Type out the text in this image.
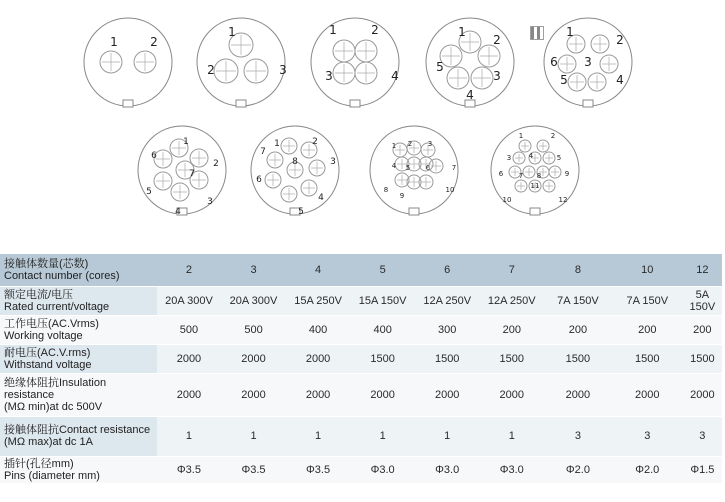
1	2
1
2	3
1	2
3	4
1
2
3
4
5
1
2
3
4
5
6
1
2
3
4
5
6
7
1	2
3
4
5
6
7
8
1 2 3
4 5 6	7
8
9
10
1	2
3	4	5
6 7 8	9
10
11
12
接触体数量(芯数)
Contact number (cores)	2	3	4	5	6	7	8	10	12

额定电流/电压
Rated current/voltage	20A 300V	20A 300V	15A 250V	15A 150V	12A 250V	12A 250V	7A 150V	7A 150V	5A 150V

工作电压(AC.Vrms)
Working voltage	500	500	400	400	300	200	200	200	200

耐电压(AC.V.rms)
Withstand voltage	2000	2000	2000	1500	1500	1500	1500	1500	1500

绝缘体阻抗Insulation resistance
(MΩ min)at dc 500V	2000	2000	2000	2000	2000	2000	2000	2000	2000

接触体阻抗Contact resistance
(MΩ max)at dc 1A	1	1	1	1	1	1	3	3	3

插针(孔径mm)
Pins (diameter mm)	Φ3.5	Φ3.5	Φ3.5	Φ3.0	Φ3.0	Φ3.0	Φ2.0	Φ2.0	Φ1.5
